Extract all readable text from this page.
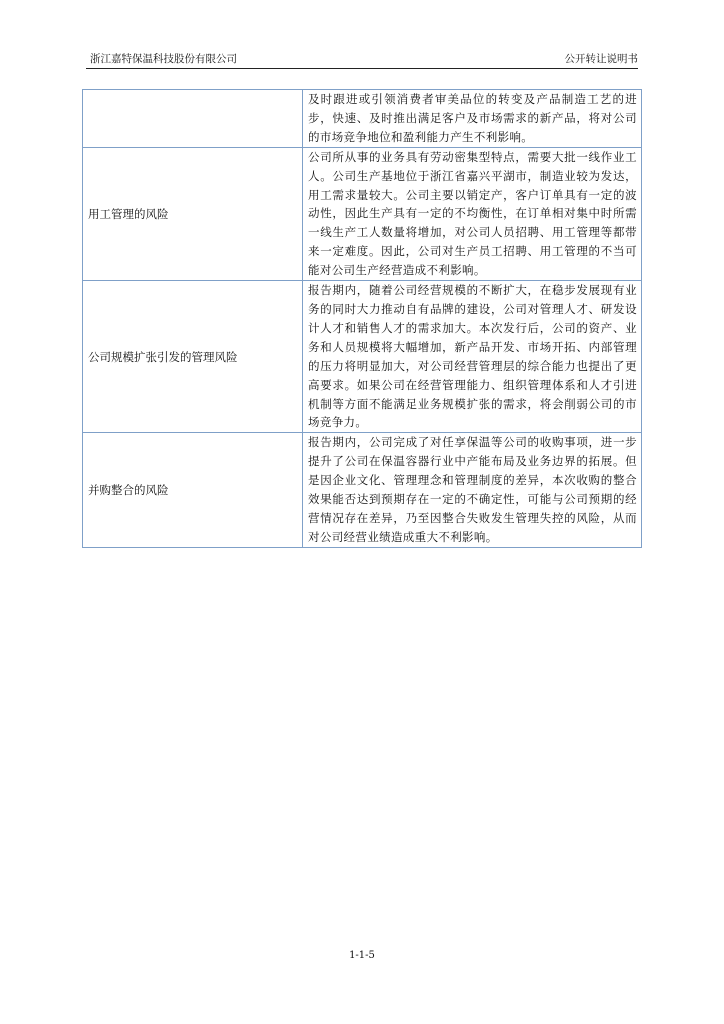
浙江嘉特保温科技股份有限公司	公开转让说明书
	及时跟进或引领消费者审美品位的转变及产品制造工艺的进步，快速、及时推出满足客户及市场需求的新产品，将对公司的市场竞争地位和盈利能力产生不利影响。
用工管理的风险	公司所从事的业务具有劳动密集型特点，需要大批一线作业工人。公司生产基地位于浙江省嘉兴平湖市，制造业较为发达，用工需求量较大。公司主要以销定产，客户订单具有一定的波动性，因此生产具有一定的不均衡性，在订单相对集中时所需一线生产工人数量将增加，对公司人员招聘、用工管理等都带来一定难度。因此，公司对生产员工招聘、用工管理的不当可能对公司生产经营造成不利影响。
公司规模扩张引发的管理风险	报告期内，随着公司经营规模的不断扩大，在稳步发展现有业务的同时大力推动自有品牌的建设，公司对管理人才、研发设计人才和销售人才的需求加大。本次发行后，公司的资产、业务和人员规模将大幅增加，新产品开发、市场开拓、内部管理的压力将明显加大，对公司经营管理层的综合能力也提出了更高要求。如果公司在经营管理能力、组织管理体系和人才引进机制等方面不能满足业务规模扩张的需求，将会削弱公司的市场竞争力。
并购整合的风险	报告期内，公司完成了对任享保温等公司的收购事项，进一步提升了公司在保温容器行业中产能布局及业务边界的拓展。但是因企业文化、管理理念和管理制度的差异，本次收购的整合效果能否达到预期存在一定的不确定性，可能与公司预期的经营情况存在差异，乃至因整合失败发生管理失控的风险，从而对公司经营业绩造成重大不利影响。
1-1-5
